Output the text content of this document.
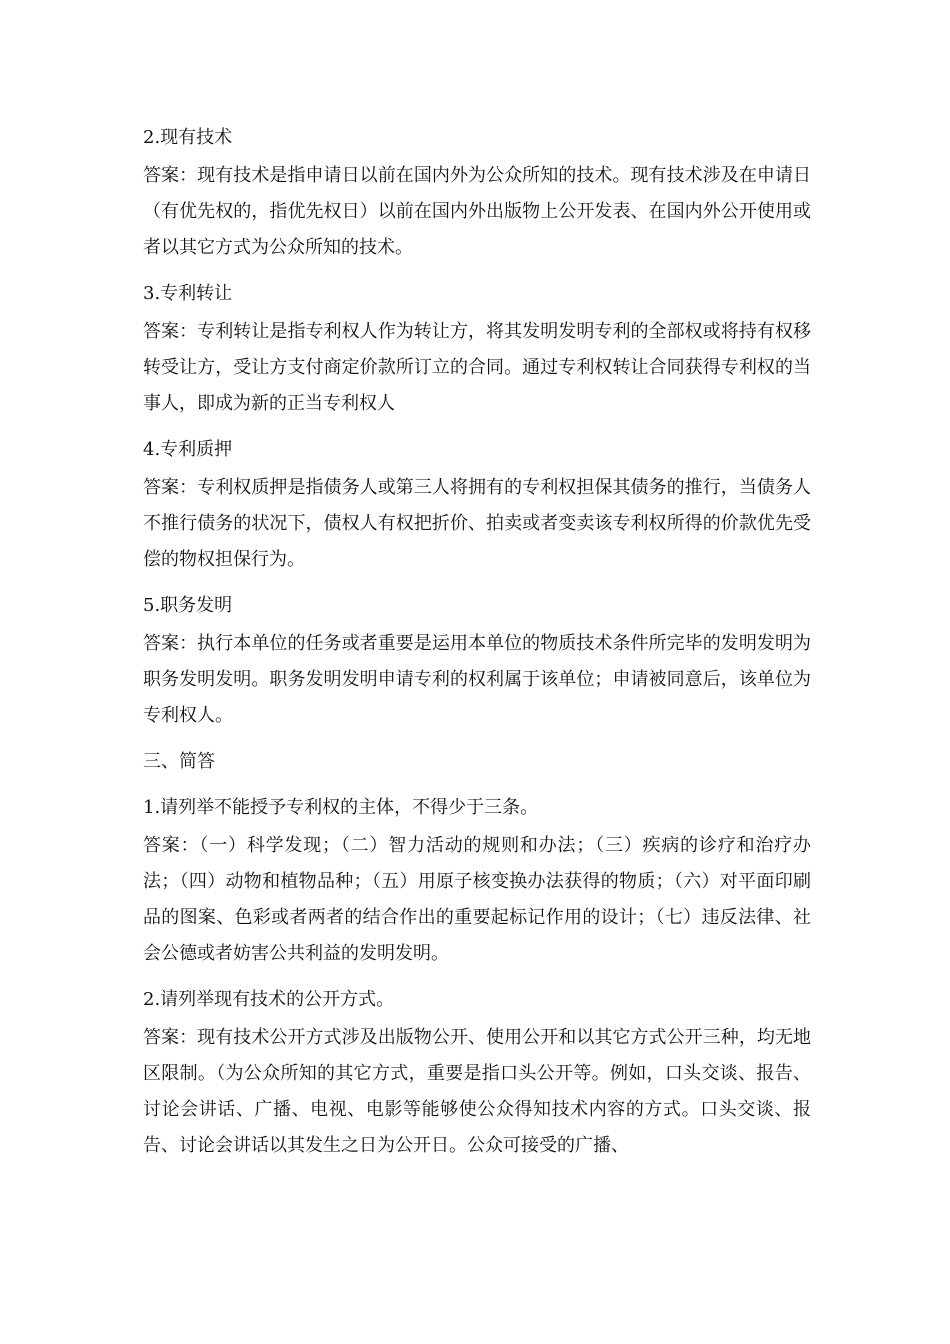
2.现有技术

答案：现有技术是指申请日以前在国内外为公众所知的技术。现有技术涉及在申请日（有优先权的，指优先权日）以前在国内外出版物上公开发表、在国内外公开使用或者以其它方式为公众所知的技术。

3.专利转让

答案：专利转让是指专利权人作为转让方，将其发明发明专利的全部权或将持有权移转受让方，受让方支付商定价款所订立的合同。通过专利权转让合同获得专利权的当事人，即成为新的正当专利权人

4.专利质押

答案：专利权质押是指债务人或第三人将拥有的专利权担保其债务的推行，当债务人不推行债务的状况下，债权人有权把折价、拍卖或者变卖该专利权所得的价款优先受偿的物权担保行为。

5.职务发明

答案：执行本单位的任务或者重要是运用本单位的物质技术条件所完毕的发明发明为职务发明发明。职务发明发明申请专利的权利属于该单位；申请被同意后，该单位为专利权人。

三、简答
1.请列举不能授予专利权的主体，不得少于三条。

答案：（一）科学发现；（二）智力活动的规则和办法；（三）疾病的诊疗和治疗办法；（四）动物和植物品种；（五）用原子核变换办法获得的物质；（六）对平面印刷品的图案、色彩或者两者的结合作出的重要起标记作用的设计；（七）违反法律、社会公德或者妨害公共利益的发明发明。

2.请列举现有技术的公开方式。

答案：现有技术公开方式涉及出版物公开、使用公开和以其它方式公开三种，均无地区限制。（为公众所知的其它方式，重要是指口头公开等。例如，口头交谈、报告、讨论会讲话、广播、电视、电影等能够使公众得知技术内容的方式。口头交谈、报告、讨论会讲话以其发生之日为公开日。公众可接受的广播、
